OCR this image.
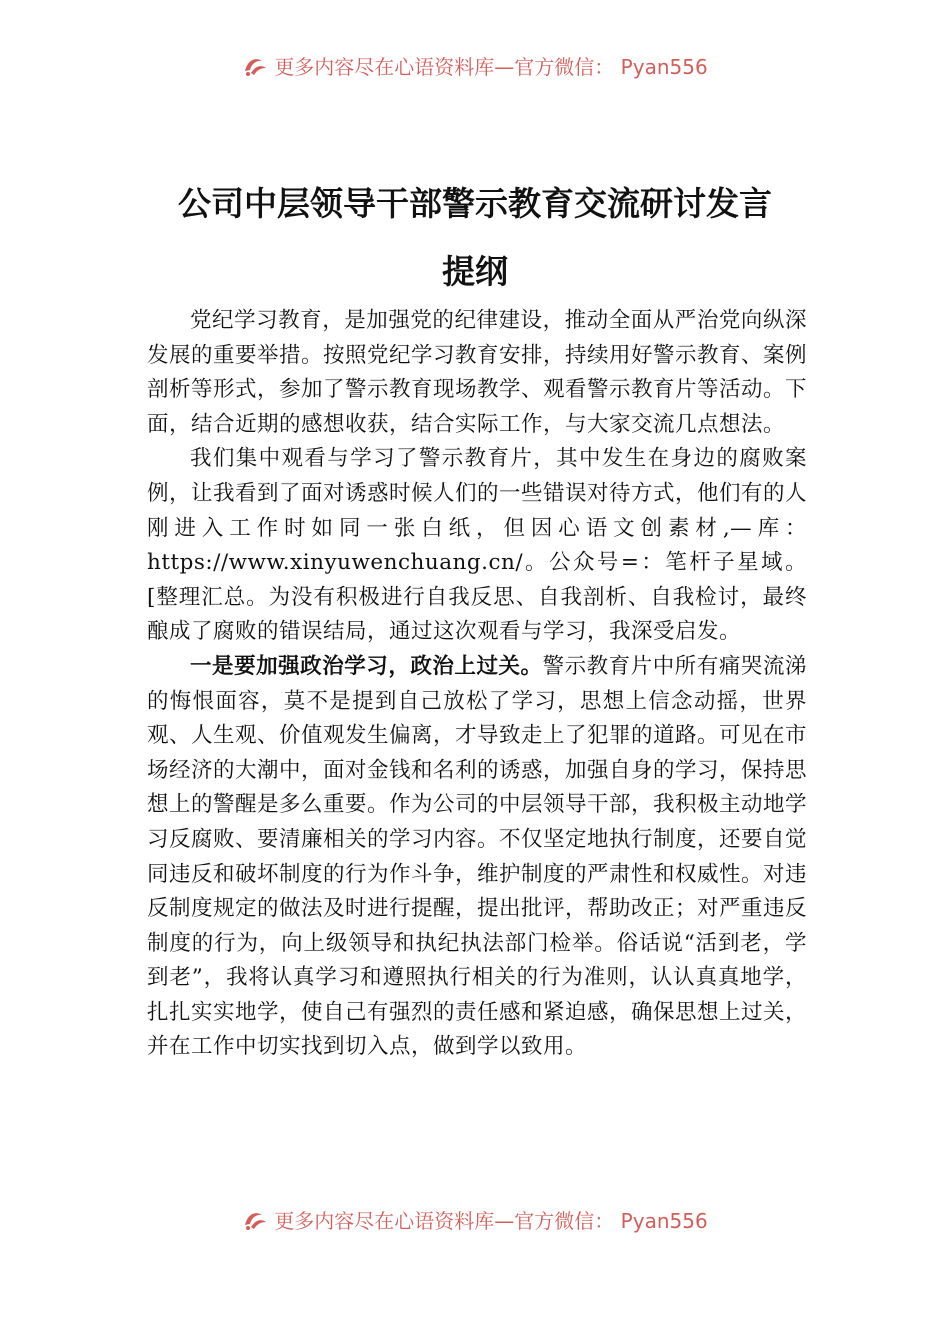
更多内容尽在心语资料库—官方微信： Pyan556
公司中层领导干部警示教育交流研讨发言
提纲

党纪学习教育，是加强党的纪律建设，推动全面从严治党向纵深发展的重要举措。按照党纪学习教育安排，持续用好警示教育、案例剖析等形式，参加了警示教育现场教学、观看警示教育片等活动。下面，结合近期的感想收获，结合实际工作，与大家交流几点想法。

我们集中观看与学习了警示教育片，其中发生在身边的腐败案例，让我看到了面对诱惑时候人们的一些错误对待方式，他们有的人刚进入工作时如同一张白纸，但因心语文创素材,—库：https://www.xinyuwenchuang.cn/。公众号=：笔杆子星域。[整理汇总。为没有积极进行自我反思、自我剖析、自我检讨，最终酿成了腐败的错误结局，通过这次观看与学习，我深受启发。

一是要加强政治学习，政治上过关。警示教育片中所有痛哭流涕的悔恨面容，莫不是提到自己放松了学习，思想上信念动摇，世界观、人生观、价值观发生偏离，才导致走上了犯罪的道路。可见在市场经济的大潮中，面对金钱和名利的诱惑，加强自身的学习，保持思想上的警醒是多么重要。作为公司的中层领导干部，我积极主动地学习反腐败、要清廉相关的学习内容。不仅坚定地执行制度，还要自觉同违反和破坏制度的行为作斗争，维护制度的严肃性和权威性。对违反制度规定的做法及时进行提醒，提出批评，帮助改正；对严重违反制度的行为，向上级领导和执纪执法部门检举。俗话说“活到老，学到老”，我将认真学习和遵照执行相关的行为准则，认认真真地学，扎扎实实地学，使自己有强烈的责任感和紧迫感，确保思想上过关，并在工作中切实找到切入点，做到学以致用。

更多内容尽在心语资料库—官方微信： Pyan556
